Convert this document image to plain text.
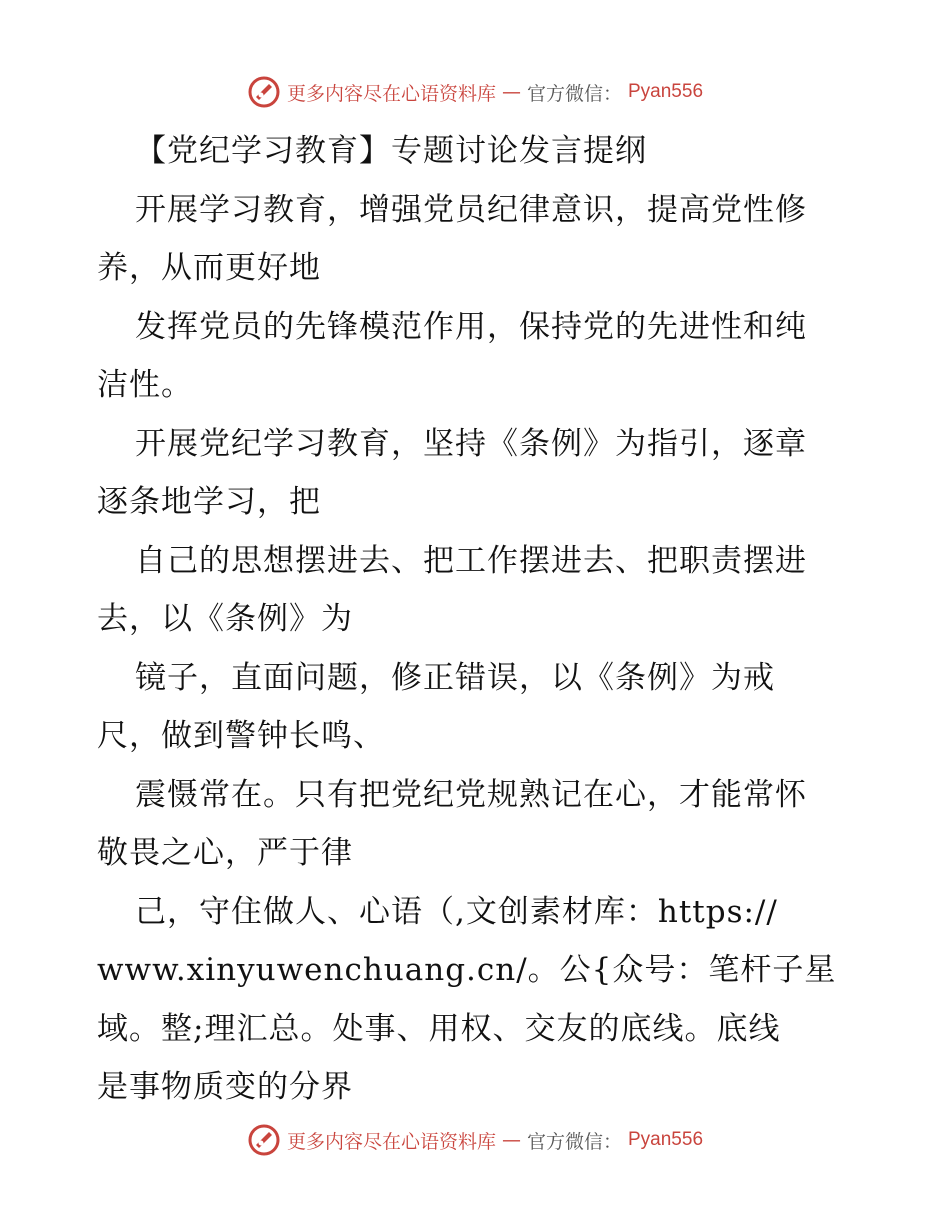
更多内容尽在心语资料库 — 官方微信： Pyan556
【党纪学习教育】专题讨论发言提纲
开展学习教育，增强党员纪律意识，提高党性修
养，从而更好地
发挥党员的先锋模范作用，保持党的先进性和纯
洁性。
开展党纪学习教育，坚持《条例》为指引，逐章
逐条地学习，把
自己的思想摆进去、把工作摆进去、把职责摆进
去，以《条例》为
镜子，直面问题，修正错误，以《条例》为戒
尺，做到警钟长鸣、
震慑常在。只有把党纪党规熟记在心，才能常怀
敬畏之心，严于律
己，守住做人、心语（,文创素材库：https://
www.xinyuwenchuang.cn/。公{众号：笔杆子星
域。整;理汇总。处事、用权、交友的底线。底线
是事物质变的分界
更多内容尽在心语资料库 — 官方微信： Pyan556
